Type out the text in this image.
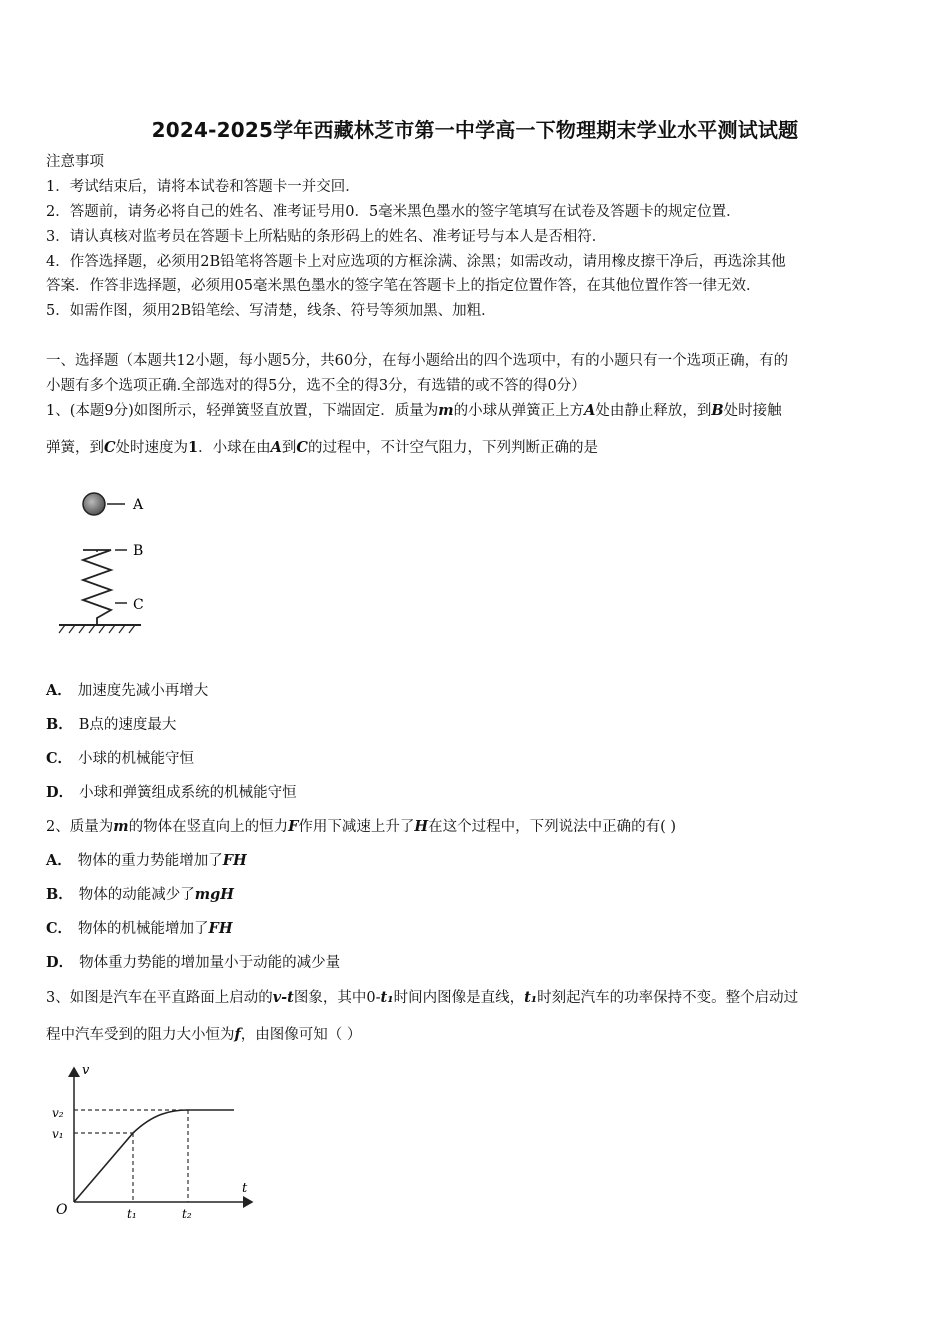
2024-2025学年西藏林芝市第一中学高一下物理期末学业水平测试试题
注意事项
1．考试结束后，请将本试卷和答题卡一并交回．
2．答题前，请务必将自己的姓名、准考证号用0．5毫米黑色墨水的签字笔填写在试卷及答题卡的规定位置．
3．请认真核对监考员在答题卡上所粘贴的条形码上的姓名、准考证号与本人是否相符．
4．作答选择题，必须用2B铅笔将答题卡上对应选项的方框涂满、涂黑；如需改动，请用橡皮擦干净后，再选涂其他
答案．作答非选择题，必须用05毫米黑色墨水的签字笔在答题卡上的指定位置作答，在其他位置作答一律无效．
5．如需作图，须用2B铅笔绘、写清楚，线条、符号等须加黑、加粗．
一、选择题（本题共12小题，每小题5分，共60分，在每小题给出的四个选项中，有的小题只有一个选项正确，有的
小题有多个选项正确.全部选对的得5分，选不全的得3分，有选错的或不答的得0分）
1、(本题9分)如图所示，轻弹簧竖直放置，下端固定．质量为m的小球从弹簧正上方A处由静止释放，到B处时接触
弹簧，到C处时速度为1．小球在由A到C的过程中，不计空气阻力，下列判断正确的是
A
B
C
A． 加速度先减小再增大
B． B点的速度最大
C． 小球的机械能守恒
D． 小球和弹簧组成系统的机械能守恒
2、质量为m的物体在竖直向上的恒力F作用下减速上升了H在这个过程中，下列说法中正确的有( )
A． 物体的重力势能增加了FH
B． 物体的动能减少了mgH
C． 物体的机械能增加了FH
D． 物体重力势能的增加量小于动能的减少量
3、如图是汽车在平直路面上启动的v-t图象，其中0-t₁时间内图像是直线，t₁时刻起汽车的功率保持不变。整个启动过
程中汽车受到的阻力大小恒为f，由图像可知（ ）
v
t
O
v₂
v₁
t₁	t₂
